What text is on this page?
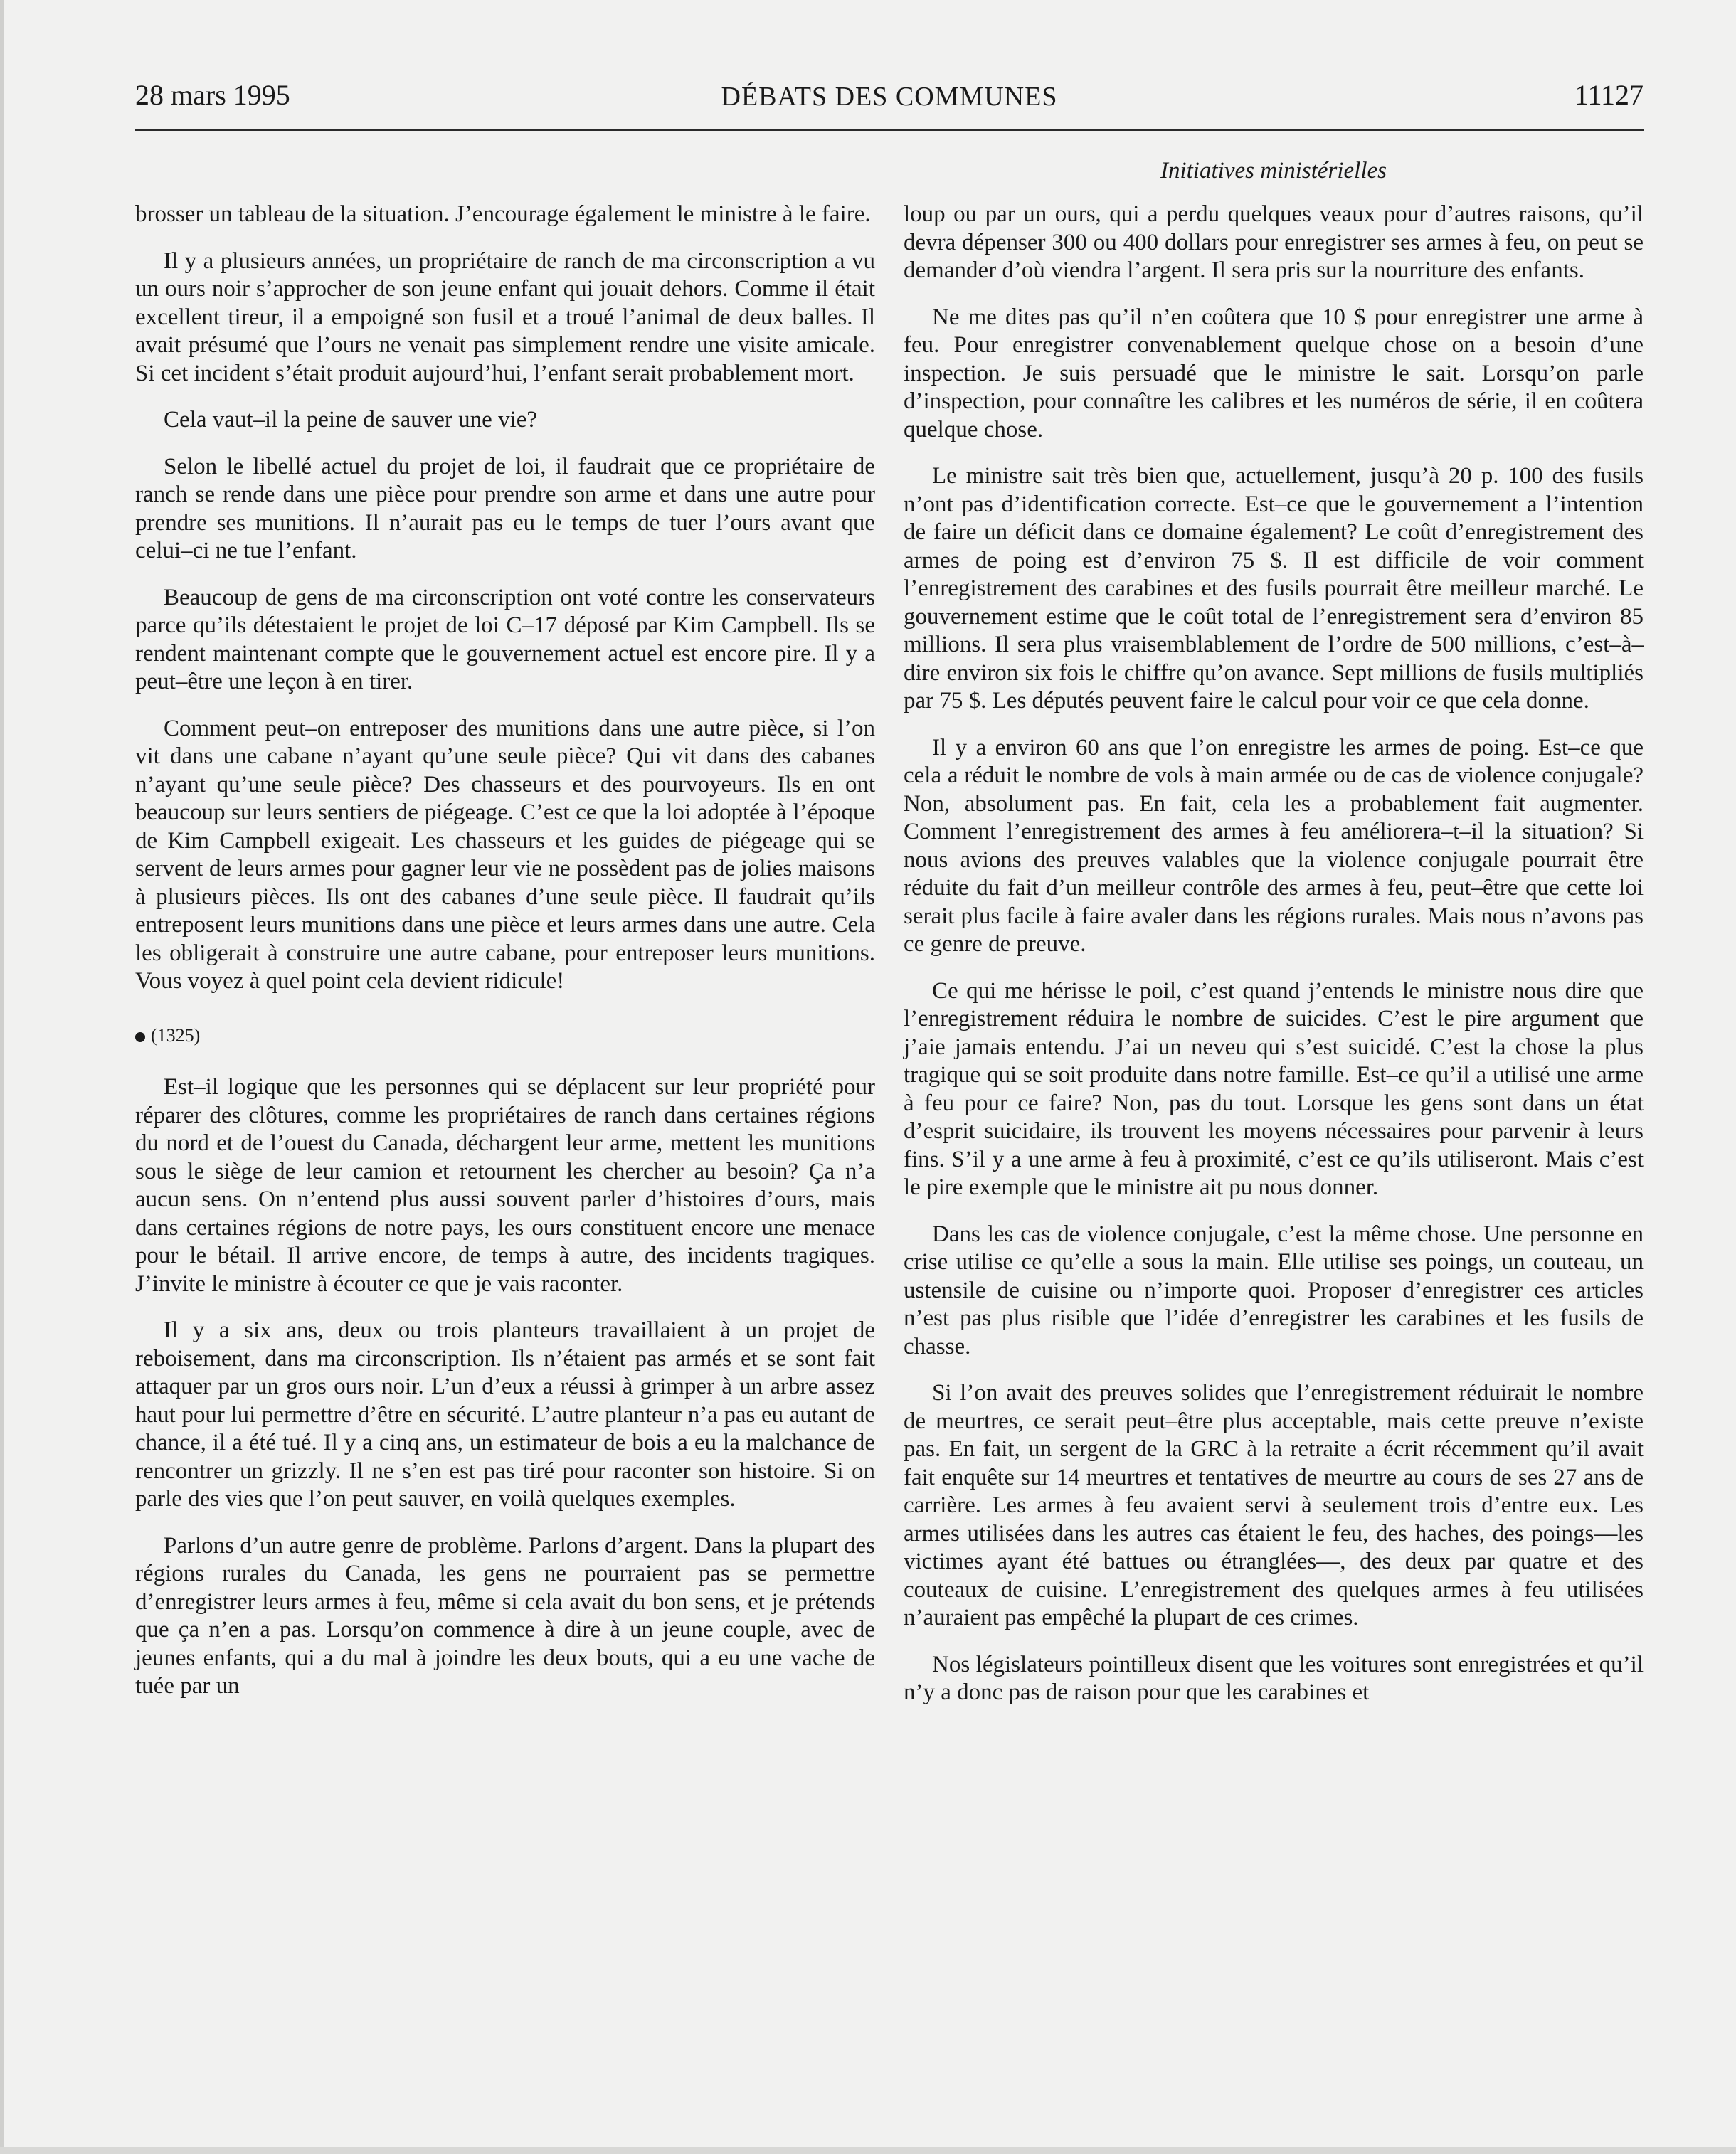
28 mars 1995	DÉBATS DES COMMUNES	11127
Initiatives ministérielles

brosser un tableau de la situation. J’encourage également le ministre à le faire.

Il y a plusieurs années, un propriétaire de ranch de ma circonscription a vu un ours noir s’approcher de son jeune enfant qui jouait dehors. Comme il était excellent tireur, il a empoigné son fusil et a troué l’animal de deux balles. Il avait présumé que l’ours ne venait pas simplement rendre une visite amicale. Si cet incident s’était produit aujourd’hui, l’enfant serait probablement mort.

Cela vaut–il la peine de sauver une vie?

Selon le libellé actuel du projet de loi, il faudrait que ce propriétaire de ranch se rende dans une pièce pour prendre son arme et dans une autre pour prendre ses munitions. Il n’aurait pas eu le temps de tuer l’ours avant que celui–ci ne tue l’enfant.

Beaucoup de gens de ma circonscription ont voté contre les conservateurs parce qu’ils détestaient le projet de loi C–17 déposé par Kim Campbell. Ils se rendent maintenant compte que le gouvernement actuel est encore pire. Il y a peut–être une leçon à en tirer.

Comment peut–on entreposer des munitions dans une autre pièce, si l’on vit dans une cabane n’ayant qu’une seule pièce? Qui vit dans des cabanes n’ayant qu’une seule pièce? Des chasseurs et des pourvoyeurs. Ils en ont beaucoup sur leurs sentiers de piégeage. C’est ce que la loi adoptée à l’époque de Kim Campbell exigeait. Les chasseurs et les guides de piégeage qui se servent de leurs armes pour gagner leur vie ne possèdent pas de jolies maisons à plusieurs pièces. Ils ont des cabanes d’une seule pièce. Il faudrait qu’ils entreposent leurs munitions dans une pièce et leurs armes dans une autre. Cela les obligerait à construire une autre cabane, pour entreposer leurs munitions. Vous voyez à quel point cela devient ridicule!

(1325)

Est–il logique que les personnes qui se déplacent sur leur propriété pour réparer des clôtures, comme les propriétaires de ranch dans certaines régions du nord et de l’ouest du Canada, déchargent leur arme, mettent les munitions sous le siège de leur camion et retournent les chercher au besoin? Ça n’a aucun sens. On n’entend plus aussi souvent parler d’histoires d’ours, mais dans certaines régions de notre pays, les ours constituent encore une menace pour le bétail. Il arrive encore, de temps à autre, des incidents tragiques. J’invite le ministre à écouter ce que je vais raconter.

Il y a six ans, deux ou trois planteurs travaillaient à un projet de reboisement, dans ma circonscription. Ils n’étaient pas armés et se sont fait attaquer par un gros ours noir. L’un d’eux a réussi à grimper à un arbre assez haut pour lui permettre d’être en sécurité. L’autre planteur n’a pas eu autant de chance, il a été tué. Il y a cinq ans, un estimateur de bois a eu la malchance de rencontrer un grizzly. Il ne s’en est pas tiré pour raconter son histoire. Si on parle des vies que l’on peut sauver, en voilà quelques exemples.

Parlons d’un autre genre de problème. Parlons d’argent. Dans la plupart des régions rurales du Canada, les gens ne pourraient pas se permettre d’enregistrer leurs armes à feu, même si cela avait du bon sens, et je prétends que ça n’en a pas. Lorsqu’on commence à dire à un jeune couple, avec de jeunes enfants, qui a du mal à joindre les deux bouts, qui a eu une vache de tuée par un

loup ou par un ours, qui a perdu quelques veaux pour d’autres raisons, qu’il devra dépenser 300 ou 400 dollars pour enregistrer ses armes à feu, on peut se demander d’où viendra l’argent. Il sera pris sur la nourriture des enfants.

Ne me dites pas qu’il n’en coûtera que 10 $ pour enregistrer une arme à feu. Pour enregistrer convenablement quelque chose on a besoin d’une inspection. Je suis persuadé que le ministre le sait. Lorsqu’on parle d’inspection, pour connaître les calibres et les numéros de série, il en coûtera quelque chose.

Le ministre sait très bien que, actuellement, jusqu’à 20 p. 100 des fusils n’ont pas d’identification correcte. Est–ce que le gouvernement a l’intention de faire un déficit dans ce domaine également? Le coût d’enregistrement des armes de poing est d’environ 75 $. Il est difficile de voir comment l’enregistrement des carabines et des fusils pourrait être meilleur marché. Le gouvernement estime que le coût total de l’enregistrement sera d’environ 85 millions. Il sera plus vraisemblablement de l’ordre de 500 millions, c’est–à–dire environ six fois le chiffre qu’on avance. Sept millions de fusils multipliés par 75 $. Les députés peuvent faire le calcul pour voir ce que cela donne.

Il y a environ 60 ans que l’on enregistre les armes de poing. Est–ce que cela a réduit le nombre de vols à main armée ou de cas de violence conjugale? Non, absolument pas. En fait, cela les a probablement fait augmenter. Comment l’enregistrement des armes à feu améliorera–t–il la situation? Si nous avions des preuves valables que la violence conjugale pourrait être réduite du fait d’un meilleur contrôle des armes à feu, peut–être que cette loi serait plus facile à faire avaler dans les régions rurales. Mais nous n’avons pas ce genre de preuve.

Ce qui me hérisse le poil, c’est quand j’entends le ministre nous dire que l’enregistrement réduira le nombre de suicides. C’est le pire argument que j’aie jamais entendu. J’ai un neveu qui s’est suicidé. C’est la chose la plus tragique qui se soit produite dans notre famille. Est–ce qu’il a utilisé une arme à feu pour ce faire? Non, pas du tout. Lorsque les gens sont dans un état d’esprit suicidaire, ils trouvent les moyens nécessaires pour parvenir à leurs fins. S’il y a une arme à feu à proximité, c’est ce qu’ils utiliseront. Mais c’est le pire exemple que le ministre ait pu nous donner.

Dans les cas de violence conjugale, c’est la même chose. Une personne en crise utilise ce qu’elle a sous la main. Elle utilise ses poings, un couteau, un ustensile de cuisine ou n’importe quoi. Proposer d’enregistrer ces articles n’est pas plus risible que l’idée d’enregistrer les carabines et les fusils de chasse.

Si l’on avait des preuves solides que l’enregistrement réduirait le nombre de meurtres, ce serait peut–être plus acceptable, mais cette preuve n’existe pas. En fait, un sergent de la GRC à la retraite a écrit récemment qu’il avait fait enquête sur 14 meurtres et tentatives de meurtre au cours de ses 27 ans de carrière. Les armes à feu avaient servi à seulement trois d’entre eux. Les armes utilisées dans les autres cas étaient le feu, des haches, des poings—les victimes ayant été battues ou étranglées—, des deux par quatre et des couteaux de cuisine. L’enregistrement des quelques armes à feu utilisées n’auraient pas empêché la plupart de ces crimes.

Nos législateurs pointilleux disent que les voitures sont enregistrées et qu’il n’y a donc pas de raison pour que les carabines et
